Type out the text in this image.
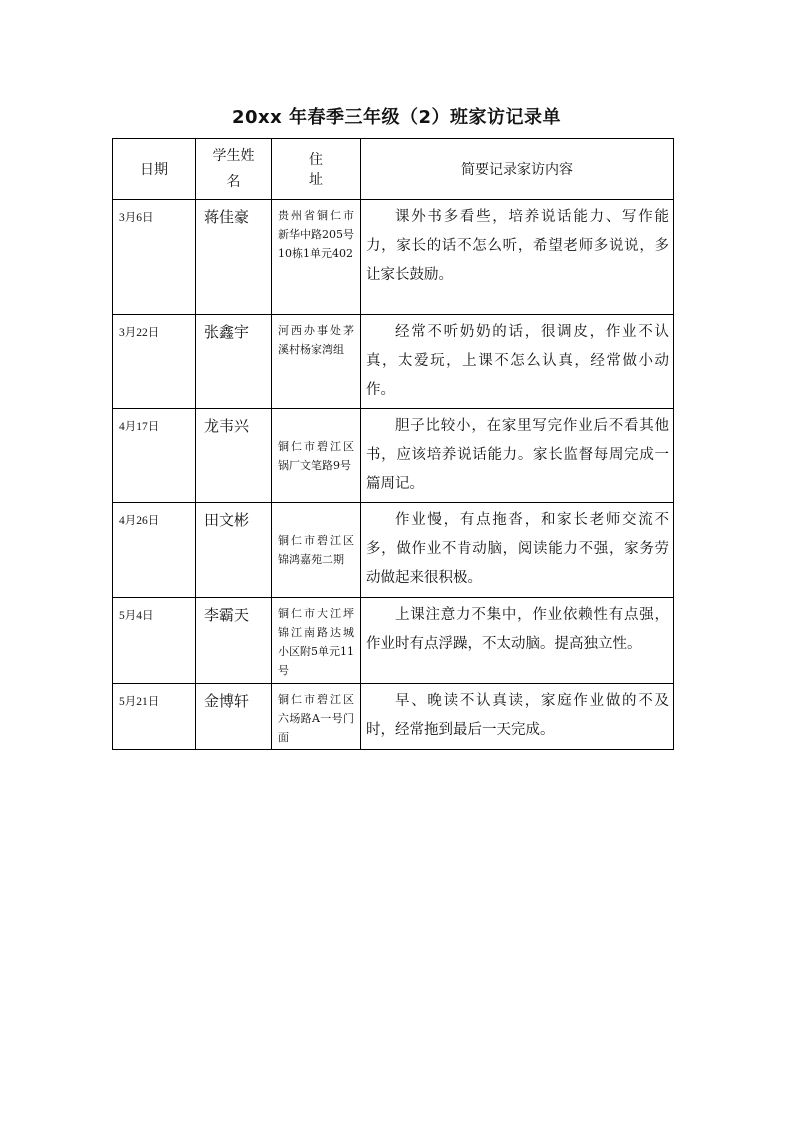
20xx 年春季三年级（2）班家访记录单
日期	学生姓名	住址	简要记录家访内容
3月6日	蒋佳豪	贵州省铜仁市新华中路205号10栋1单元402	课外书多看些，培养说话能力、写作能力，家长的话不怎么听，希望老师多说说，多让家长鼓励。
3月22日	张鑫宇	河西办事处茅溪村杨家湾组	经常不听奶奶的话，很调皮，作业不认真，太爱玩，上课不怎么认真，经常做小动作。
4月17日	龙韦兴	铜仁市碧江区锅厂文笔路9号	胆子比较小，在家里写完作业后不看其他书，应该培养说话能力。家长监督每周完成一篇周记。
4月26日	田文彬	铜仁市碧江区锦鸿嘉苑二期	作业慢，有点拖沓，和家长老师交流不多，做作业不肯动脑，阅读能力不强，家务劳动做起来很积极。
5月4日	李霸天	铜仁市大江坪锦江南路达城小区附5单元11号	上课注意力不集中，作业依赖性有点强，作业时有点浮躁，不太动脑。提高独立性。
5月21日	金博轩	铜仁市碧江区六场路A一号门面	早、晚读不认真读，家庭作业做的不及时，经常拖到最后一天完成。
